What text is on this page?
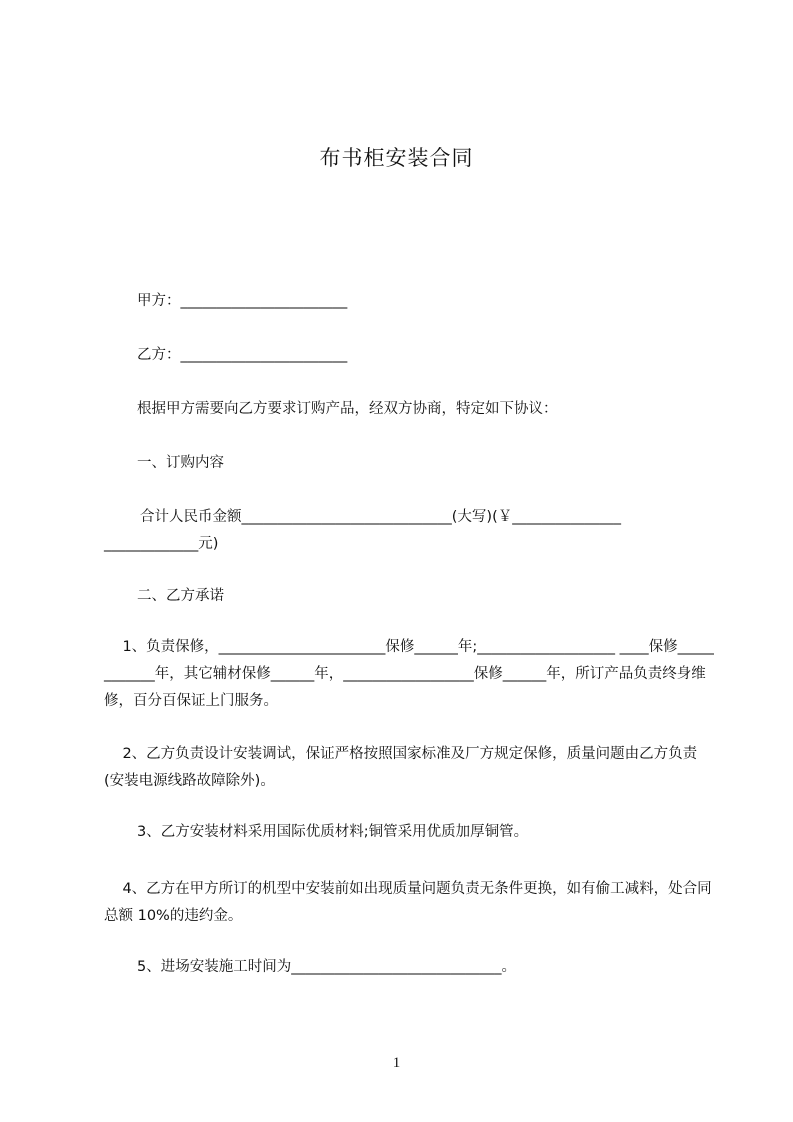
布书柜安装合同
甲方：_______________________
乙方：_______________________
根据甲方需要向乙方要求订购产品，经双方协商，特定如下协议：
一、订购内容
合计人民币金额_____________________________(大写)(￥_______________
_____________元)
二、乙方承诺
1、负责保修，_______________________保修______年;___________________ ____保修____________年，其它辅材保修______年，__________________保修______年，所订产品负责终身维修，百分百保证上门服务。
2、乙方负责设计安装调试，保证严格按照国家标准及厂方规定保修，质量问题由乙方负责(安装电源线路故障除外)。
3、乙方安装材料采用国际优质材料;铜管采用优质加厚铜管。
4、乙方在甲方所订的机型中安装前如出现质量问题负责无条件更换，如有偷工减料，处合同总额 10%的违约金。
5、进场安装施工时间为_____________________________。
1
